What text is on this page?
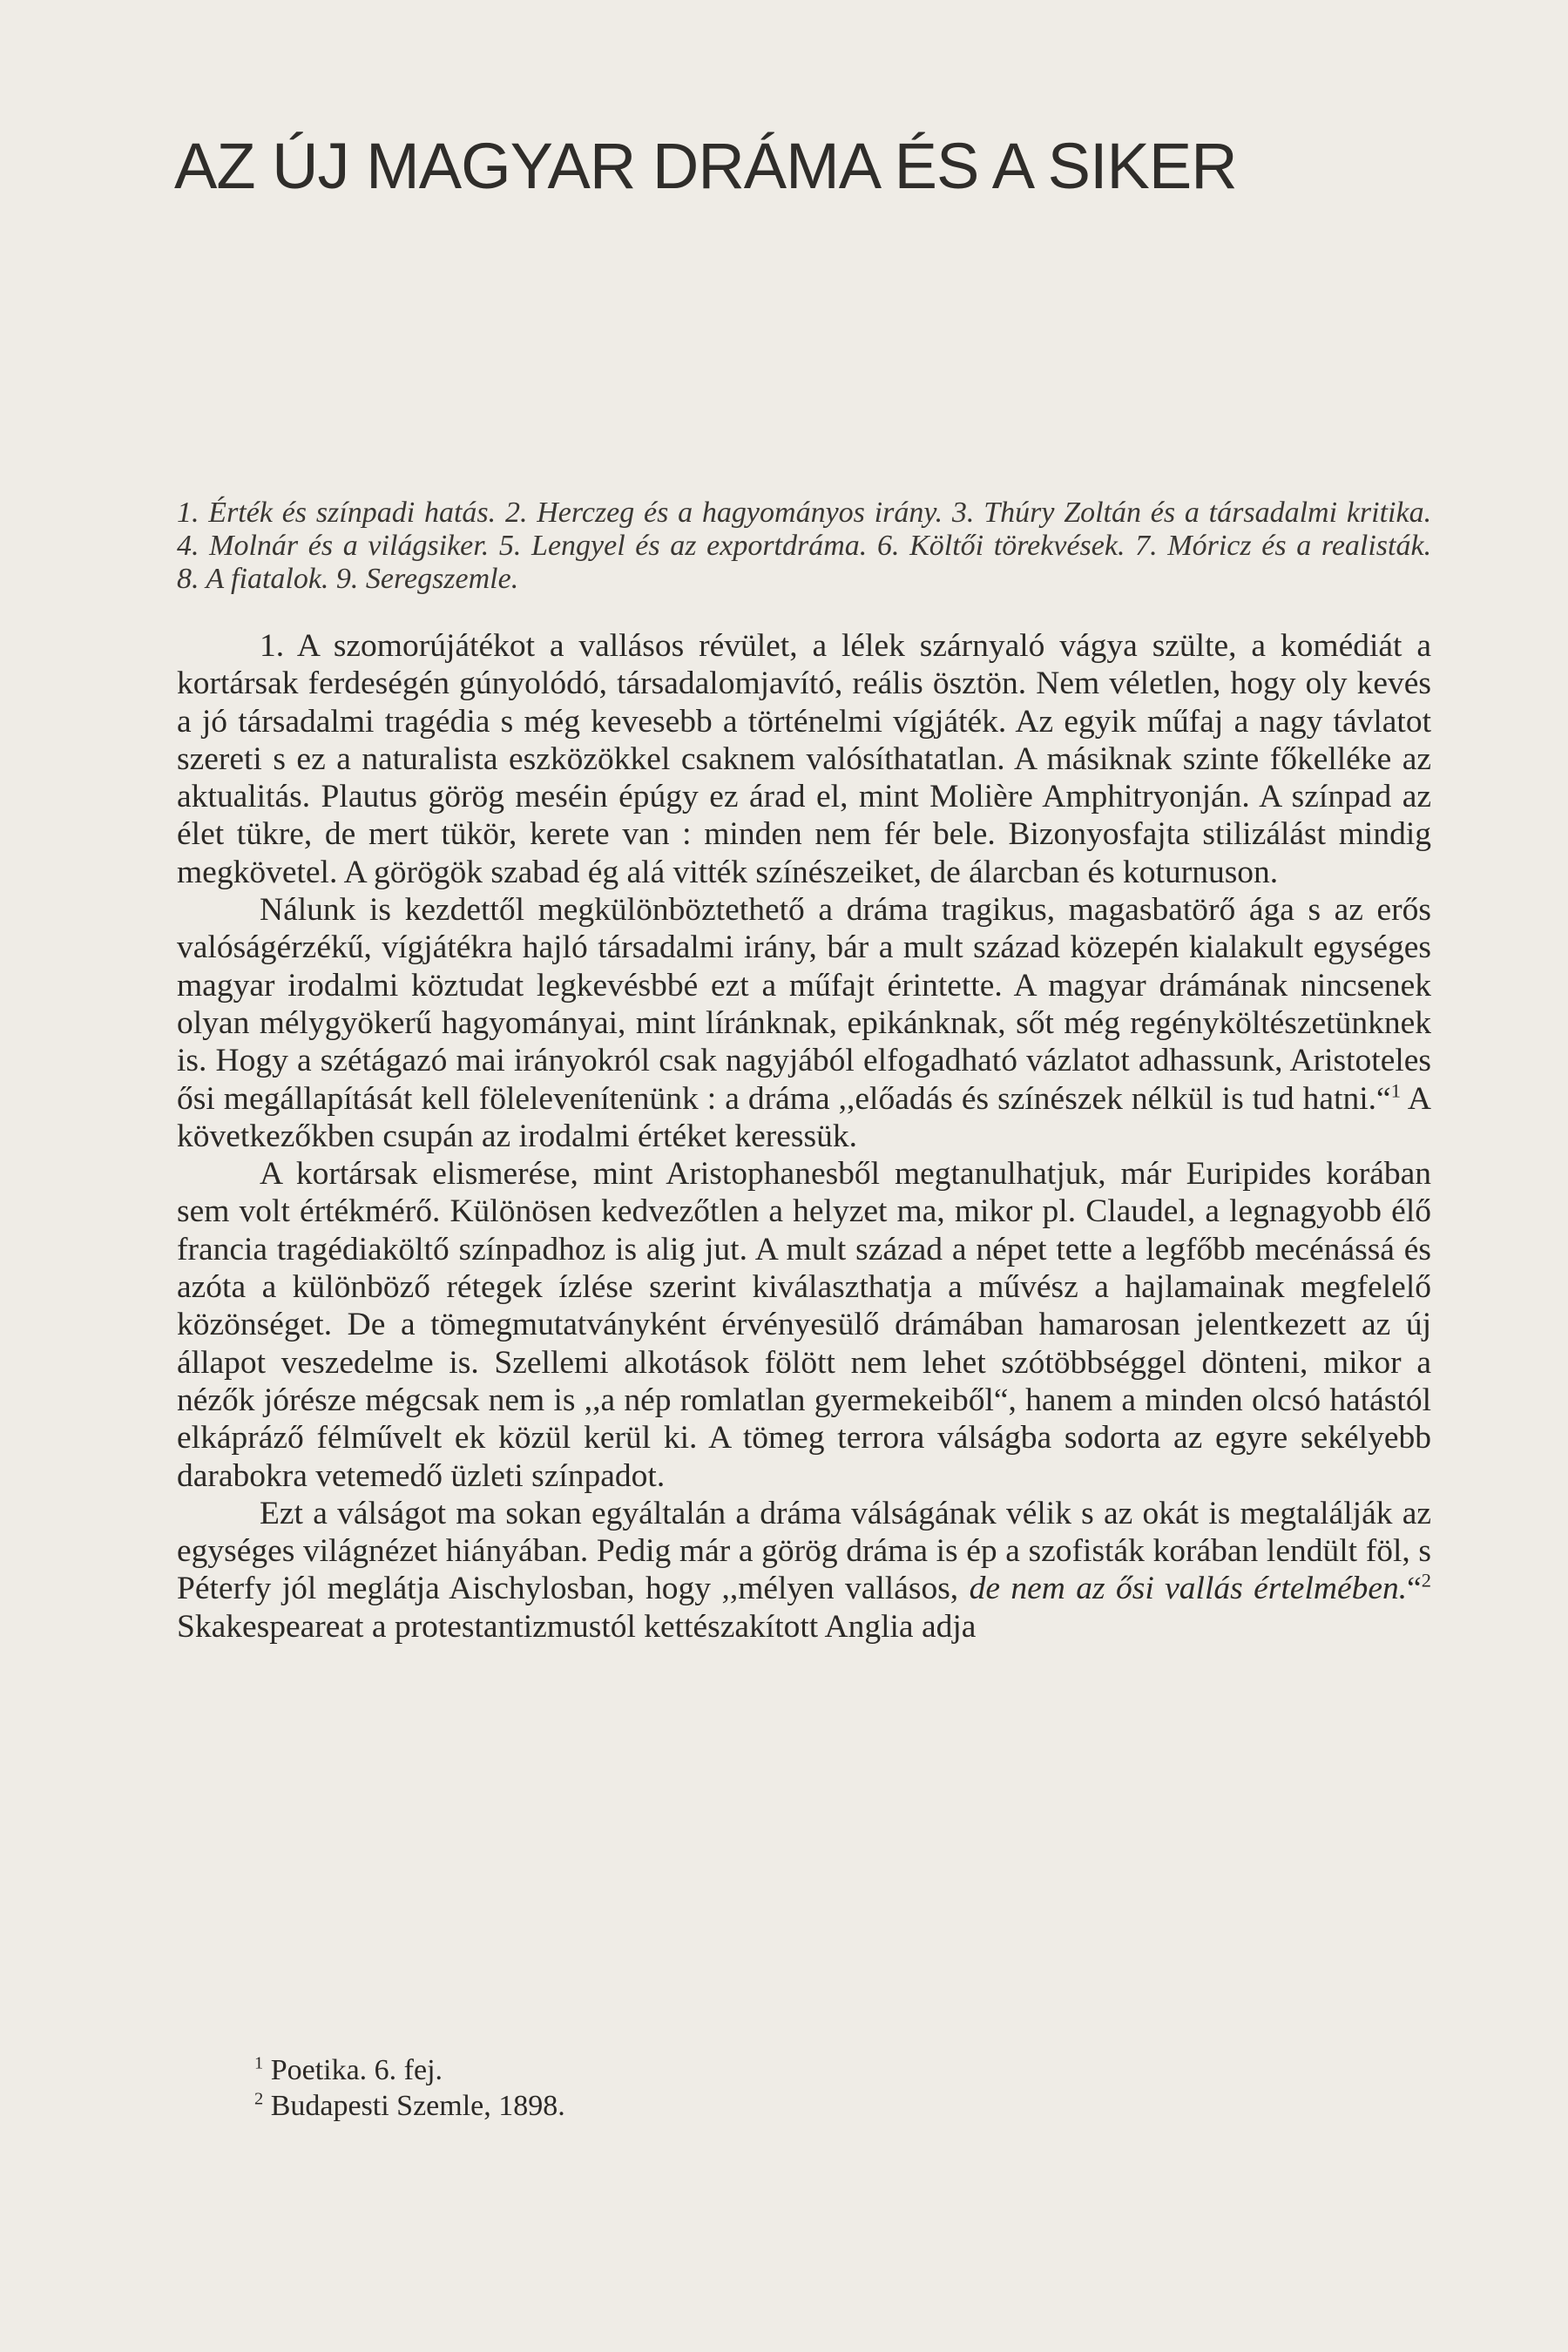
AZ ÚJ MAGYAR DRÁMA ÉS A SIKER
1. Érték és színpadi hatás. 2. Herczeg és a hagyományos irány. 3. Thúry Zoltán és a társadalmi kritika. 4. Molnár és a világsiker. 5. Lengyel és az exportdráma. 6. Költői törekvések. 7. Móricz és a realisták. 8. A fiatalok. 9. Seregszemle.

1. A szomorújátékot a vallásos révület, a lélek szárnyaló vágya szülte, a komédiát a kortársak ferdeségén gúnyolódó, társadalomjavító, reális ösztön. Nem véletlen, hogy oly kevés a jó társadalmi tragédia s még kevesebb a történelmi vígjáték. Az egyik műfaj a nagy távlatot szereti s ez a naturalista eszközökkel csaknem valósíthatatlan. A másiknak szinte főkelléke az aktualitás. Plautus görög meséin épúgy ez árad el, mint Molière Amphitryonján. A színpad az élet tükre, de mert tükör, kerete van : minden nem fér bele. Bizonyosfajta stilizálást mindig megkövetel. A görögök szabad ég alá vitték színészeiket, de álarcban és koturnuson.

Nálunk is kezdettől megkülönböztethető a dráma tragikus, magasbatörő ága s az erős valóságérzékű, vígjátékra hajló társadalmi irány, bár a mult század közepén kialakult egységes magyar irodalmi köztudat legkevésbbé ezt a műfajt érintette. A magyar drámának nincsenek olyan mélygyökerű hagyományai, mint líránknak, epikánknak, sőt még regényköltészetünknek is. Hogy a szétágazó mai irányokról csak nagyjából elfogadható vázlatot adhassunk, Aristoteles ősi megállapítását kell fölelevenítenünk : a dráma ,,előadás és színészek nélkül is tud hatni.“$^1$ A következőkben csupán az irodalmi értéket keressük.

A kortársak elismerése, mint Aristophanesből megtanulhatjuk, már Euripides korában sem volt értékmérő. Különösen kedvezőtlen a helyzet ma, mikor pl. Claudel, a legnagyobb élő francia tragédiaköltő színpadhoz is alig jut. A mult század a népet tette a legfőbb mecénássá és azóta a különböző rétegek ízlése szerint kiválaszthatja a művész a hajlamainak megfelelő közönséget. De a tömegmutatványként érvényesülő drámában hamarosan jelentkezett az új állapot veszedelme is. Szellemi alkotások fölött nem lehet szótöbbséggel dönteni, mikor a nézők jórésze mégcsak nem is ,,a nép romlatlan gyermekeiből“, hanem a minden olcsó hatástól elkápráző félművelt ek közül kerül ki. A tömeg terrora válságba sodorta az egyre sekélyebb darabokra vetemedő üzleti színpadot.

Ezt a válságot ma sokan egyáltalán a dráma válságának vélik s az okát is megtalálják az egységes világnézet hiányában. Pedig már a görög dráma is ép a szofisták korában lendült föl, s Péterfy jól meglátja Aischylosban, hogy ,,mélyen vallásos, de nem az ősi vallás értelmében.“$^2$ Skakespeareat a protestantizmustól kettészakított Anglia adja

$^1$ Poetika. 6. fej.
$^2$ Budapesti Szemle, 1898.
